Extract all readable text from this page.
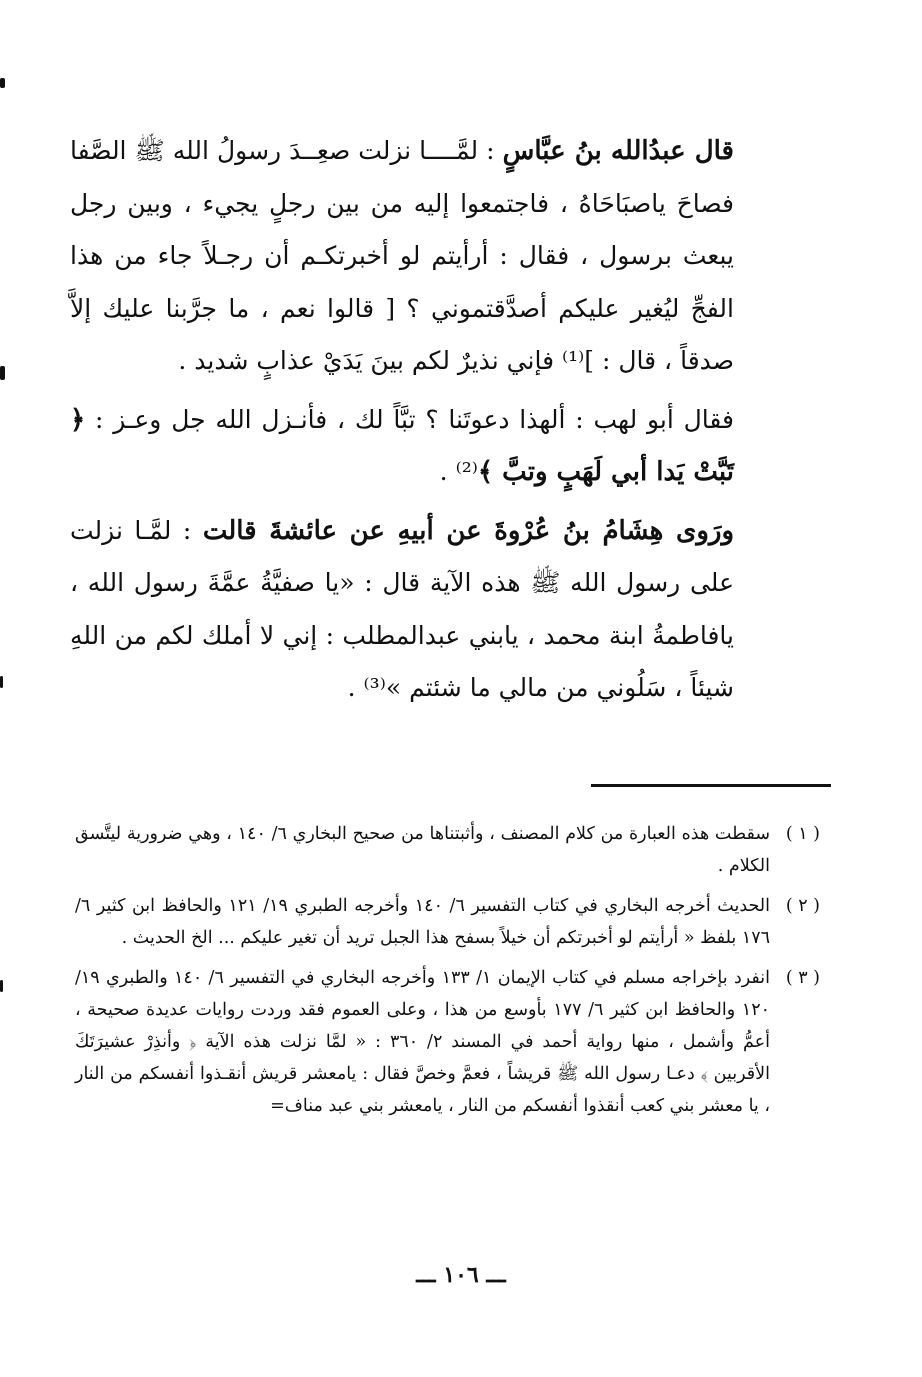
قال عبدُالله بنُ عبَّاسٍ : لمَّــــا نزلت صعِــدَ رسولُ الله ﷺ الصَّفا فصاحَ ياصبَاحَاهُ ، فاجتمعوا إليه من بين رجلٍ يجيء ، وبين رجل يبعث برسول ، فقال : أرأيتم لو أخبرتكـم أن رجـلاً جاء من هذا الفجِّ ليُغير عليكم أصدَّقتموني ؟ [ قالوا نعم ، ما جرَّبنا عليك إلاَّ صدقاً ، قال : ]⁽¹⁾ فإني نذيرٌ لكم بينَ يَدَيْ عذابٍ شديد .

فقال أبو لهب : ألهذا دعوتَنا ؟ تبَّاً لك ، فأنـزل الله جل وعـز : ﴿ تَبَّتْ يَدا أبي لَهَبٍ وتبَّ ﴾⁽²⁾ .

ورَوى هِشَامُ بنُ عُرْوةَ عن أبيهِ عن عائشةَ قالت : لمَّـا نزلت على رسول الله ﷺ هذه الآية قال : «يا صفيَّةُ عمَّةَ رسول الله ، يافاطمةُ ابنة محمد ، يابني عبدالمطلب : إني لا أملك لكم من اللهِ شيئاً ، سَلُوني من مالي ما شئتم »⁽³⁾ .

( ١ )
سقطت هذه العبارة من كلام المصنف ، وأثبتناها من صحيح البخاري ٦/ ١٤٠ ، وهي ضرورية ليتَّسق الكلام .
( ٢ )
الحديث أخرجه البخاري في كتاب التفسير ٦/ ١٤٠ وأخرجه الطبري ١٩/ ١٢١ والحافظ ابن كثير ٦/ ١٧٦ بلفظ « أرأيتم لو أخبرتكم أن خيلاً بسفح هذا الجبل تريد أن تغير عليكم ... الخ الحديث .
( ٣ )
انفرد بإخراجه مسلم في كتاب الإيمان ١/ ١٣٣ وأخرجه البخاري في التفسير ٦/ ١٤٠ والطبري ١٩/ ١٢٠ والحافظ ابن كثير ٦/ ١٧٧ بأوسع من هذا ، وعلى العموم فقد وردت روايات عديدة صحيحة ، أعمُّ وأشمل ، منها رواية أحمد في المسند ٢/ ٣٦٠ : « لمَّا نزلت هذه الآية ﴿ وأنذِرْ عشيرَتَكَ الأقربين ﴾ دعـا رسول الله ﷺ قريشاً ، فعمَّ وخصَّ فقال : يامعشر قريش أنقـذوا أنفسكم من النار ، يا معشر بني كعب أنقذوا أنفسكم من النار ، يامعشر بني عبد مناف=
ـــ ١٠٦ ـــ
